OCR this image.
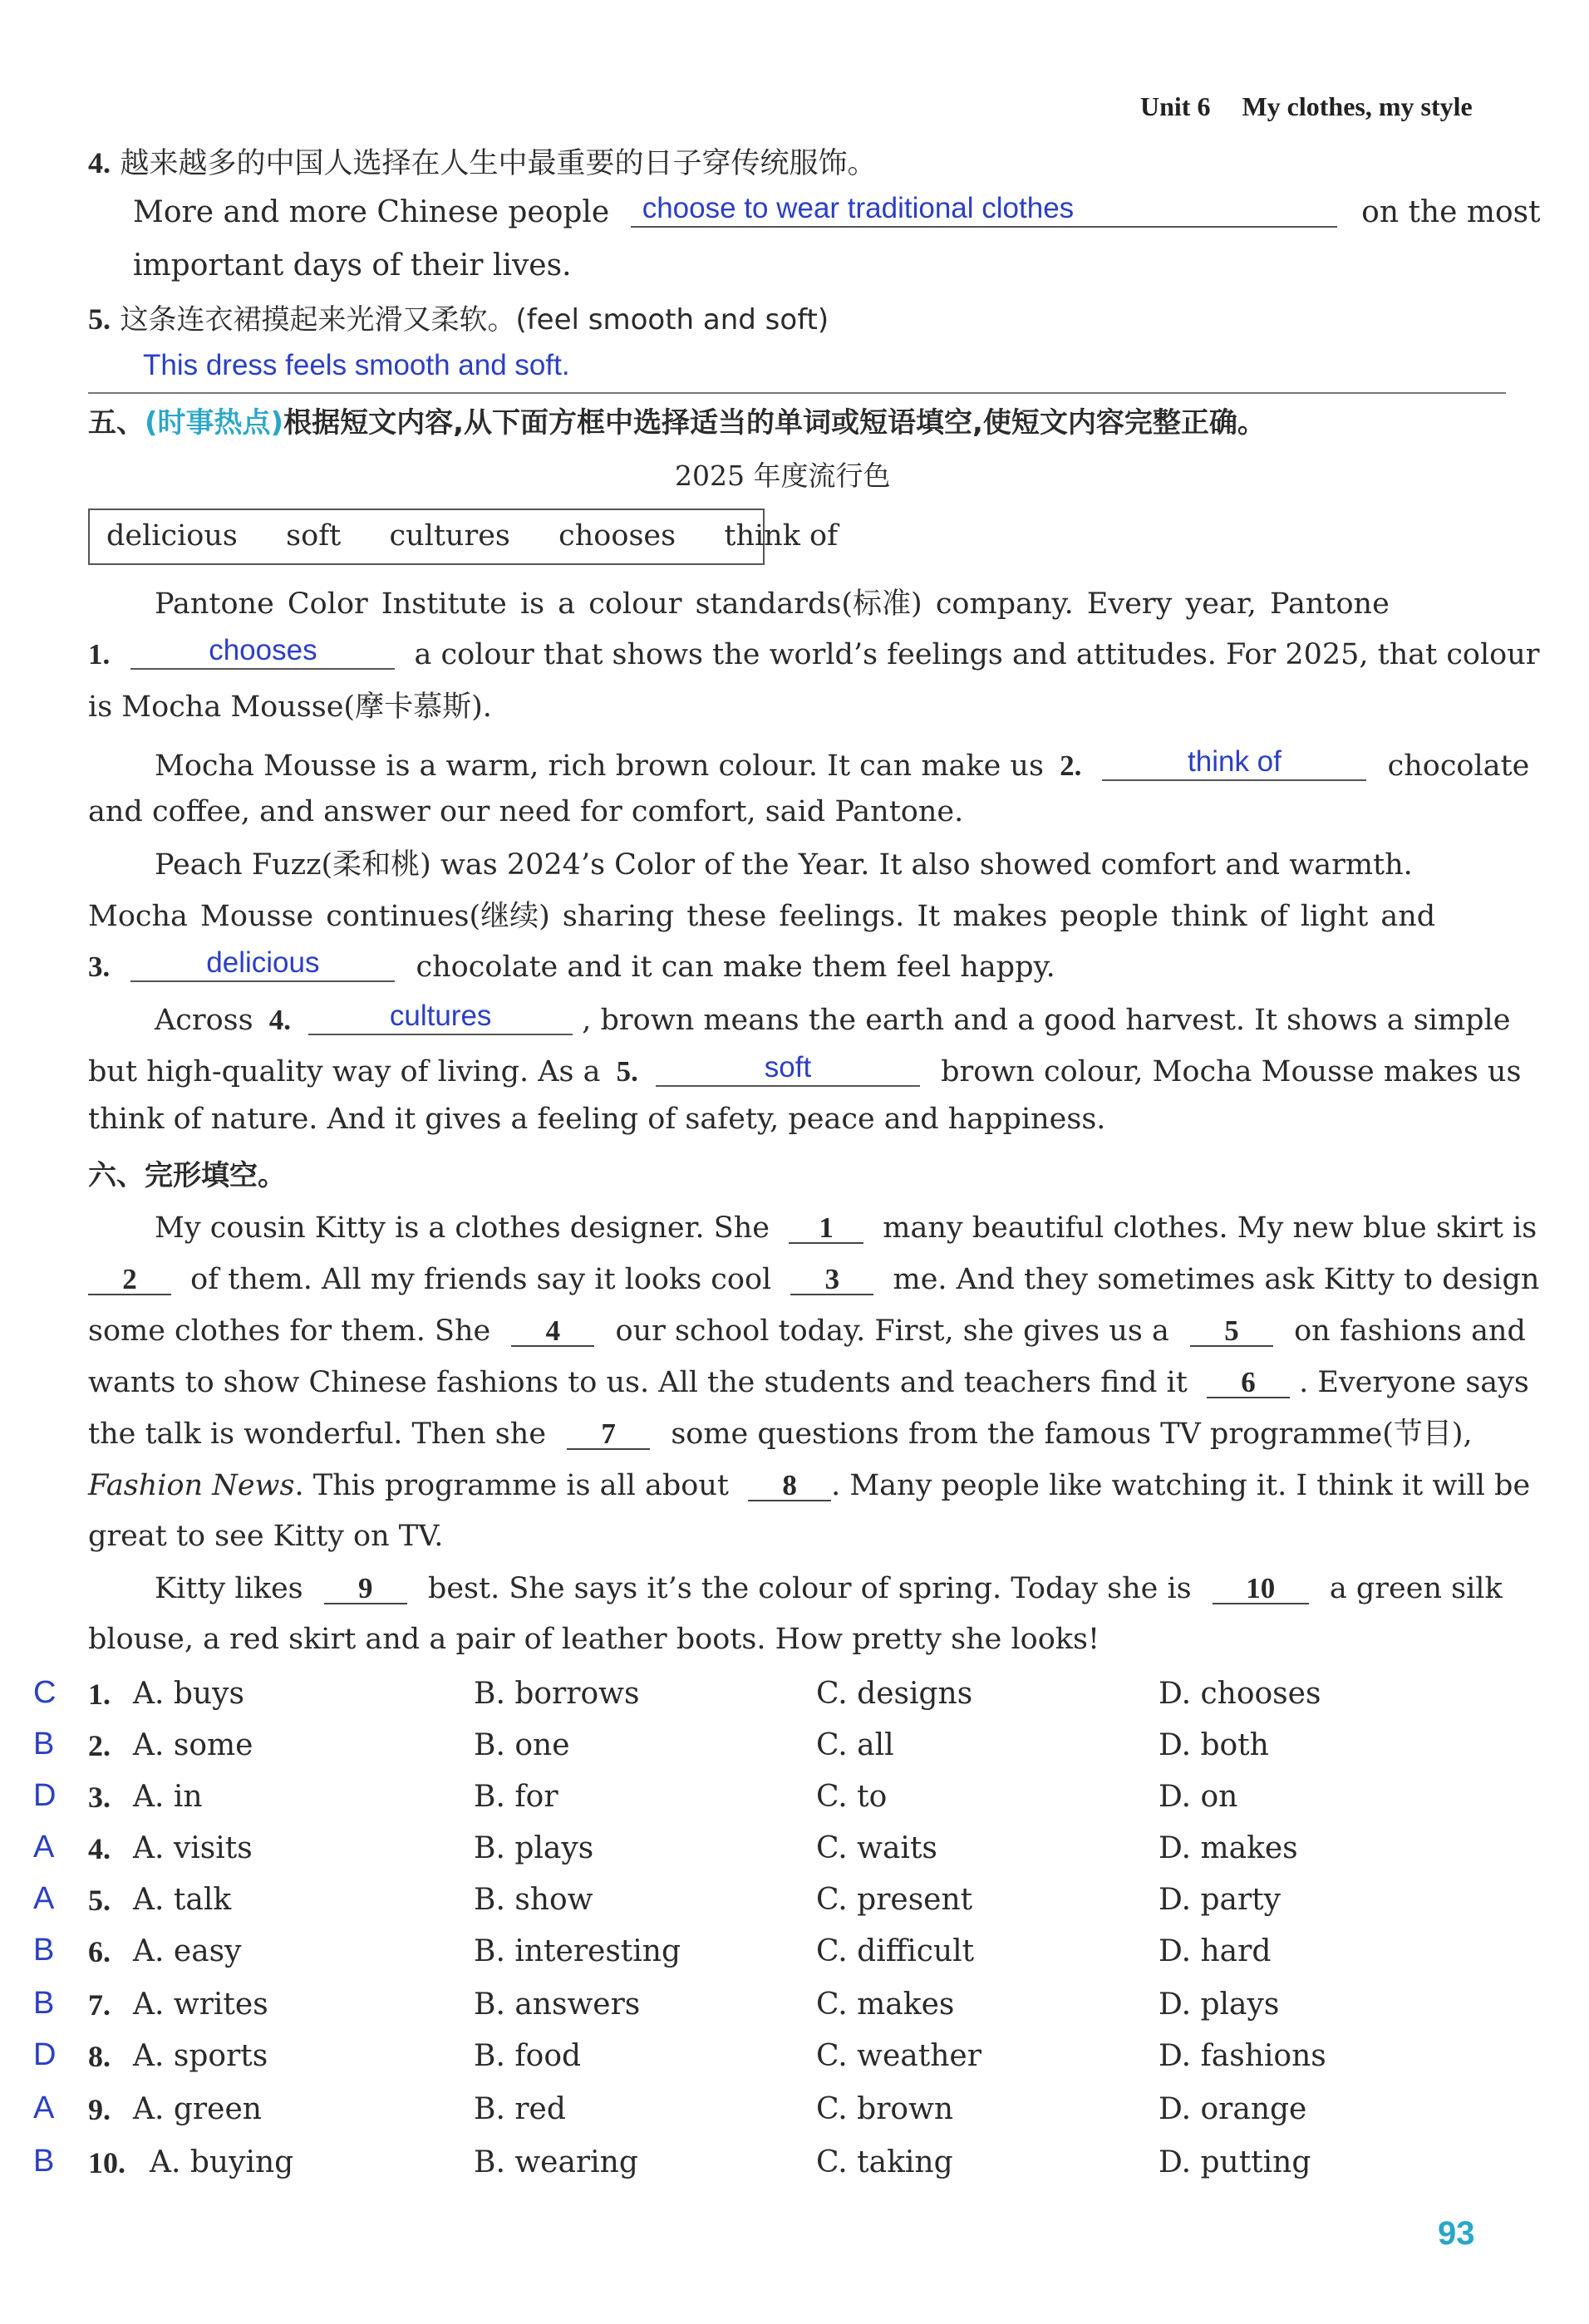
Unit 6 My clothes, my style
4. 越来越多的中国人选择在人生中最重要的日子穿传统服饰。
More and more Chinese people choose to wear traditional clothes	on the most
important days of their lives.
5. 这条连衣裙摸起来光滑又柔软。(feel smooth and soft)
This dress feels smooth and soft.
五、(时事热点)根据短文内容,从下面方框中选择适当的单词或短语填空,使短文内容完整正确。
2025 年度流行色
delicious soft cultures chooses think of
Pantone Color Institute is a colour standards(标准) company. Every year, Pantone
1.	chooses	a colour that shows the world’s feelings and attitudes. For 2025, that colour
is Mocha Mousse(摩卡慕斯).
Mocha Mousse is a warm, rich brown colour. It can make us 2.	think of	chocolate
and coffee, and answer our need for comfort, said Pantone.
Peach Fuzz(柔和桃) was 2024’s Color of the Year. It also showed comfort and warmth.
Mocha Mousse continues(继续) sharing these feelings. It makes people think of light and
3.	delicious	chocolate and it can make them feel happy.
Across 4.	cultures	, brown means the earth and a good harvest. It shows a simple
but high-quality way of living. As a 5.	soft	brown colour, Mocha Mousse makes us
think of nature. And it gives a feeling of safety, peace and happiness.
六、完形填空。
My cousin Kitty is a clothes designer. She 1 many beautiful clothes. My new blue skirt is
2 of them. All my friends say it looks cool 3 me. And they sometimes ask Kitty to design
some clothes for them. She 4 our school today. First, she gives us a 5 on fashions and
wants to show Chinese fashions to us. All the students and teachers find it 6 . Everyone says
the talk is wonderful. Then she 7 some questions from the famous TV programme(节目),
Fashion News. This programme is all about 8 . Many people like watching it. I think it will be
great to see Kitty on TV.
Kitty likes 9 best. She says it’s the colour of spring. Today she is 10 a green silk
blouse, a red skirt and a pair of leather boots. How pretty she looks!
C 1. A. buys	B. borrows	C. designs	D. chooses
B 2. A. some	B. one	C. all	D. both
D 3. A. in	B. for	C. to	D. on
A 4. A. visits	B. plays	C. waits	D. makes
A 5. A. talk	B. show	C. present	D. party
B 6. A. easy	B. interesting	C. difficult	D. hard
B 7. A. writes	B. answers	C. makes	D. plays
D 8. A. sports	B. food	C. weather	D. fashions
A 9. A. green	B. red	C. brown	D. orange
B 10. A. buying	B. wearing	C. taking	D. putting
93
